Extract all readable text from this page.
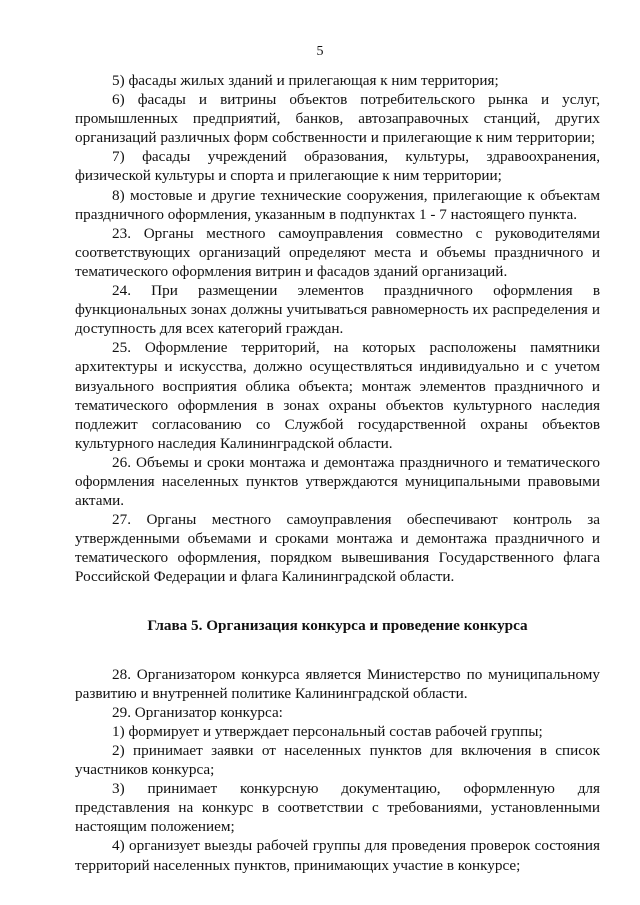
5

5) фасады жилых зданий и прилегающая к ним территория;

6) фасады и витрины объектов потребительского рынка и услуг, промышленных предприятий, банков, автозаправочных станций, других организаций различных форм собственности и прилегающие к ним территории;

7) фасады учреждений образования, культуры, здравоохранения, физической культуры и спорта и прилегающие к ним территории;

8) мостовые и другие технические сооружения, прилегающие к объектам праздничного оформления, указанным в подпунктах 1 - 7 настоящего пункта.

23. Органы местного самоуправления совместно с руководителями соответствующих организаций определяют места и объемы праздничного и тематического оформления витрин и фасадов зданий организаций.

24. При размещении элементов праздничного оформления в функциональных зонах должны учитываться равномерность их распределения и доступность для всех категорий граждан.

25. Оформление территорий, на которых расположены памятники архитектуры и искусства, должно осуществляться индивидуально и с учетом визуального восприятия облика объекта; монтаж элементов праздничного и тематического оформления в зонах охраны объектов культурного наследия подлежит согласованию со Службой государственной охраны объектов культурного наследия Калининградской области.

26. Объемы и сроки монтажа и демонтажа праздничного и тематического оформления населенных пунктов утверждаются муниципальными правовыми актами.

27. Органы местного самоуправления обеспечивают контроль за утвержденными объемами и сроками монтажа и демонтажа праздничного и тематического оформления, порядком вывешивания Государственного флага Российской Федерации и флага Калининградской области.

Глава 5. Организация конкурса и проведение конкурса

28. Организатором конкурса является Министерство по муниципальному развитию и внутренней политике Калининградской области.

29. Организатор конкурса:

1) формирует и утверждает персональный состав рабочей группы;

2) принимает заявки от населенных пунктов для включения в список участников конкурса;

3) принимает конкурсную документацию, оформленную для представления на конкурс в соответствии с требованиями, установленными настоящим положением;

4) организует выезды рабочей группы для проведения проверок состояния территорий населенных пунктов, принимающих участие в конкурсе;
